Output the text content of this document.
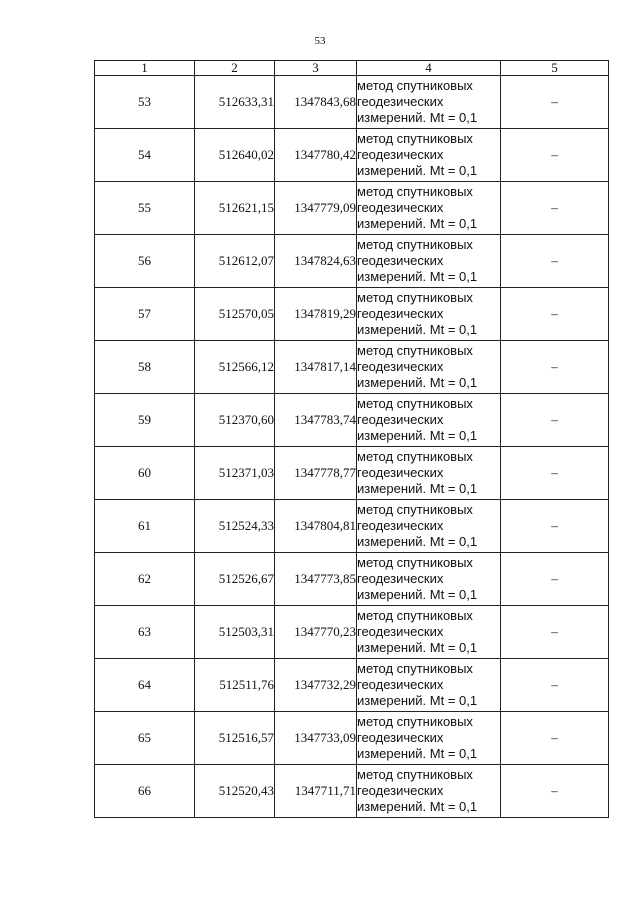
53
1	2	3	4	5
53	512633,31	1347843,68	метод спутниковых
геодезических
измерений. Mt = 0,1	–
54	512640,02	1347780,42	метод спутниковых
геодезических
измерений. Mt = 0,1	–
55	512621,15	1347779,09	метод спутниковых
геодезических
измерений. Mt = 0,1	–
56	512612,07	1347824,63	метод спутниковых
геодезических
измерений. Mt = 0,1	–
57	512570,05	1347819,29	метод спутниковых
геодезических
измерений. Mt = 0,1	–
58	512566,12	1347817,14	метод спутниковых
геодезических
измерений. Mt = 0,1	–
59	512370,60	1347783,74	метод спутниковых
геодезических
измерений. Mt = 0,1	–
60	512371,03	1347778,77	метод спутниковых
геодезических
измерений. Mt = 0,1	–
61	512524,33	1347804,81	метод спутниковых
геодезических
измерений. Mt = 0,1	–
62	512526,67	1347773,85	метод спутниковых
геодезических
измерений. Mt = 0,1	–
63	512503,31	1347770,23	метод спутниковых
геодезических
измерений. Mt = 0,1	–
64	512511,76	1347732,29	метод спутниковых
геодезических
измерений. Mt = 0,1	–
65	512516,57	1347733,09	метод спутниковых
геодезических
измерений. Mt = 0,1	–
66	512520,43	1347711,71	метод спутниковых
геодезических
измерений. Mt = 0,1	–
